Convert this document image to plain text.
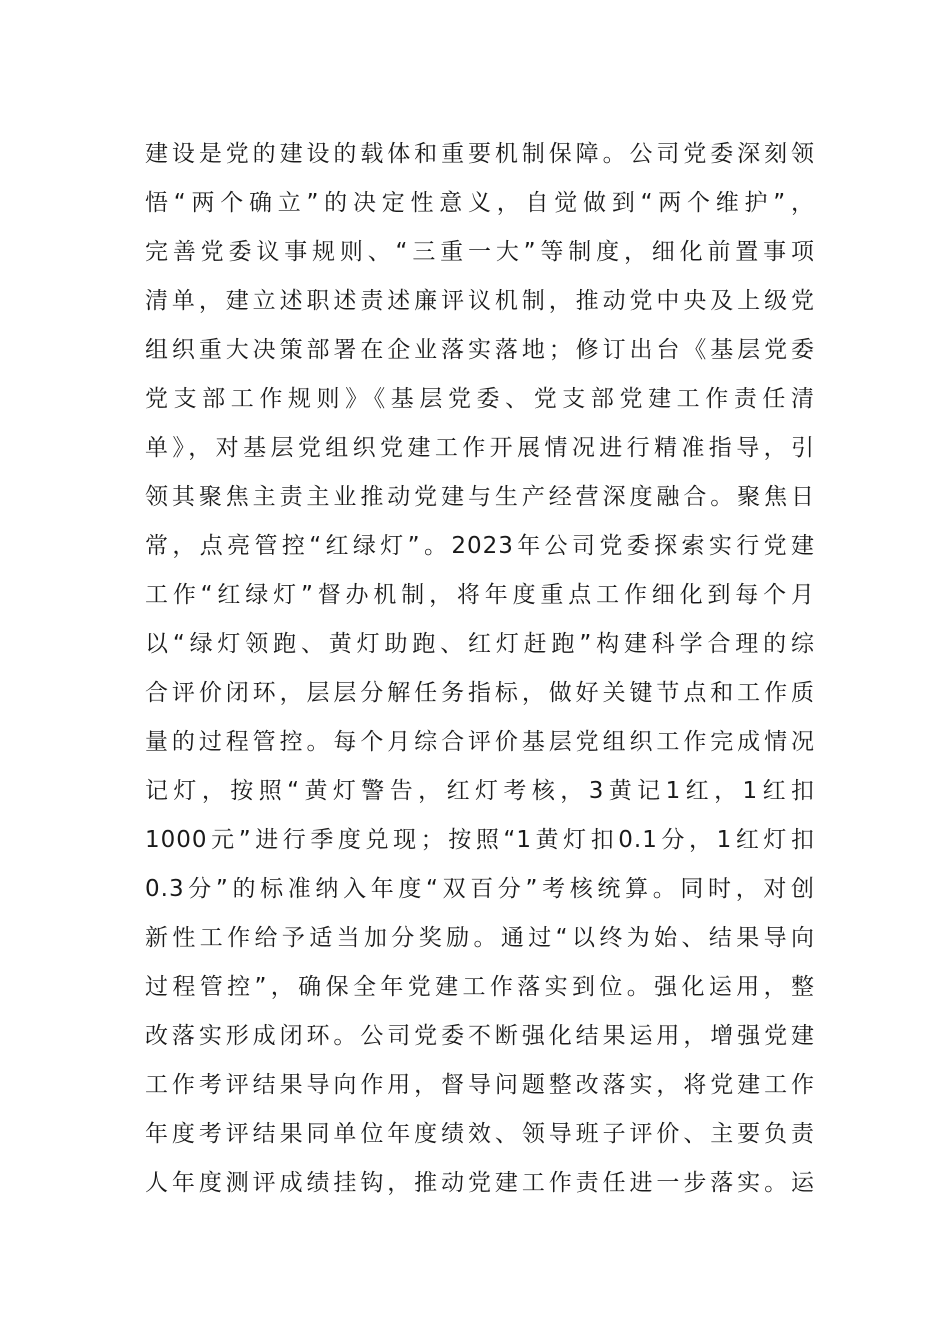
建设是党的建设的载体和重要机制保障。公司党委深刻领
悟“两个确立”的决定性意义，自觉做到“两个维护”，
完善党委议事规则、“三重一大”等制度，细化前置事项
清单，建立述职述责述廉评议机制，推动党中央及上级党
组织重大决策部署在企业落实落地；修订出台《基层党委
党支部工作规则》《基层党委、党支部党建工作责任清
单》，对基层党组织党建工作开展情况进行精准指导，引
领其聚焦主责主业推动党建与生产经营深度融合。聚焦日
常，点亮管控“红绿灯”。2023年公司党委探索实行党建
工作“红绿灯”督办机制，将年度重点工作细化到每个月
以“绿灯领跑、黄灯助跑、红灯赶跑”构建科学合理的综
合评价闭环，层层分解任务指标，做好关键节点和工作质
量的过程管控。每个月综合评价基层党组织工作完成情况
记灯，按照“黄灯警告，红灯考核，3黄记1红，1红扣
1000元”进行季度兑现；按照“1黄灯扣0.1分，1红灯扣
0.3分”的标准纳入年度“双百分”考核统算。同时，对创
新性工作给予适当加分奖励。通过“以终为始、结果导向
过程管控”，确保全年党建工作落实到位。强化运用，整
改落实形成闭环。公司党委不断强化结果运用，增强党建
工作考评结果导向作用，督导问题整改落实，将党建工作
年度考评结果同单位年度绩效、领导班子评价、主要负责
人年度测评成绩挂钩，推动党建工作责任进一步落实。运
